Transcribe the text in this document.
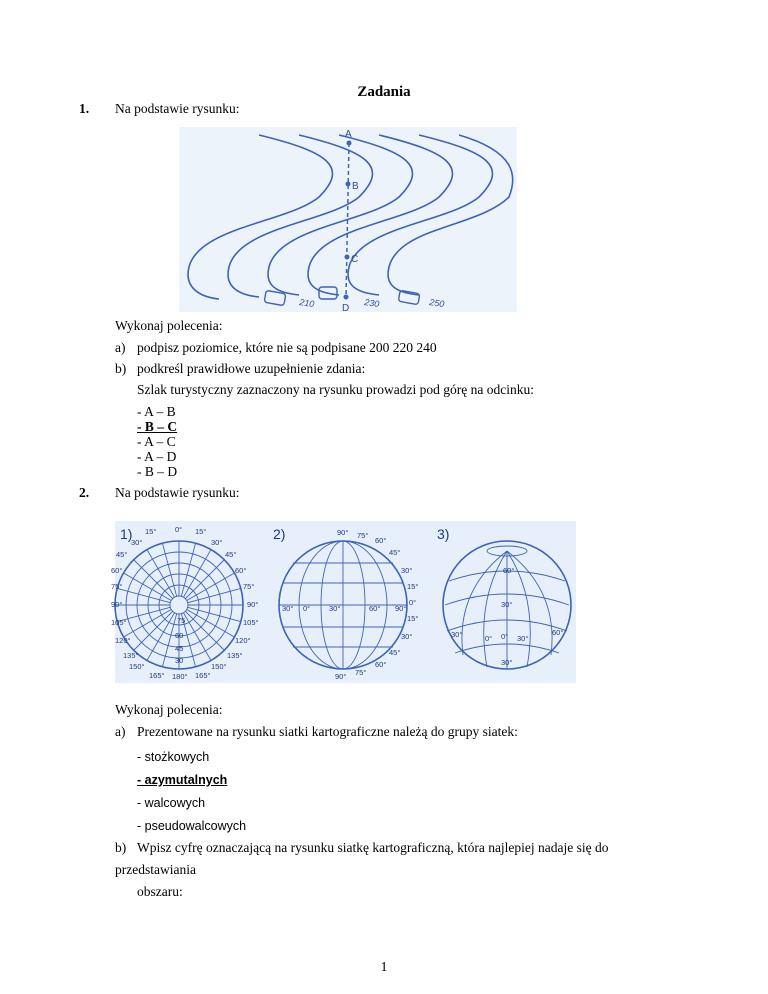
Zadania
1. Na podstawie rysunku:
A
B
C
D
210	230	250
Wykonaj polecenia:
a) podpisz poziomice, które nie są podpisane 200 220 240
b) podkreśl prawidłowe uzupełnienie zdania:
Szlak turystyczny zaznaczony na rysunku prowadzi pod górę na odcinku:
- A – B
- B – C
- A – C
- A – D
- B – D
2. Na podstawie rysunku:
1)	2)	3)
15° 0° 15°
30°	30°
45°	45°
60°	60°
75°	75°
90°	90°
105°	105°
75
120°	120°
60
135°	135°
45
150°	150°
30
165° 180° 165°
90° 75°
60°
45°
30°
15°
0°
30° 0°	30°	60° 90°
15°
30°
45°
60°
90° 75°
60°
30°
30°	0° 0° 30°
60°
30°
Wykonaj polecenia:
a) Prezentowane na rysunku siatki kartograficzne należą do grupy siatek:
- stożkowych
- azymutalnych
- walcowych
- pseudowalcowych
b) Wpisz cyfrę oznaczającą na rysunku siatkę kartograficzną, która najlepiej nadaje się do
przedstawiania
obszaru:
1
